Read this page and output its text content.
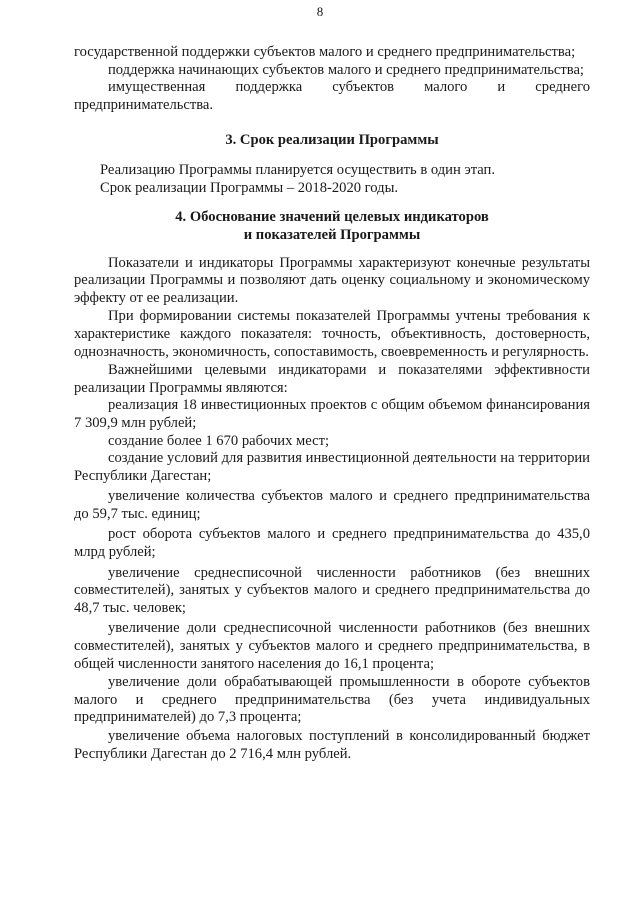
8

государственной поддержки субъектов малого и среднего предпринимательства;

поддержка начинающих субъектов малого и среднего предпринимательства;

имущественная поддержка субъектов малого и среднего предпринимательства.

3. Срок реализации Программы

Реализацию Программы планируется осуществить в один этап.

Срок реализации Программы – 2018-2020 годы.

4. Обоснование значений целевых индикаторов
и показателей Программы

Показатели и индикаторы Программы характеризуют конечные результаты реализации Программы и позволяют дать оценку социальному и экономическому эффекту от ее реализации.

При формировании системы показателей Программы учтены требования к характеристике каждого показателя: точность, объективность, достоверность, однозначность, экономичность, сопоставимость, своевременность и регулярность.

Важнейшими целевыми индикаторами и показателями эффективности реализации Программы являются:

реализация 18 инвестиционных проектов с общим объемом финансирования 7 309,9 млн рублей;

создание более 1 670 рабочих мест;

создание условий для развития инвестиционной деятельности на территории Республики Дагестан;

увеличение количества субъектов малого и среднего предпринимательства до 59,7 тыс. единиц;

рост оборота субъектов малого и среднего предпринимательства до 435,0 млрд рублей;

увеличение среднесписочной численности работников (без внешних совместителей), занятых у субъектов малого и среднего предпринимательства до 48,7 тыс. человек;

увеличение доли среднесписочной численности работников (без внешних совместителей), занятых у субъектов малого и среднего предпринимательства, в общей численности занятого населения до 16,1 процента;

увеличение доли обрабатывающей промышленности в обороте субъектов малого и среднего предпринимательства (без учета индивидуальных предпринимателей) до 7,3 процента;

увеличение объема налоговых поступлений в консолидированный бюджет Республики Дагестан до 2 716,4 млн рублей.
